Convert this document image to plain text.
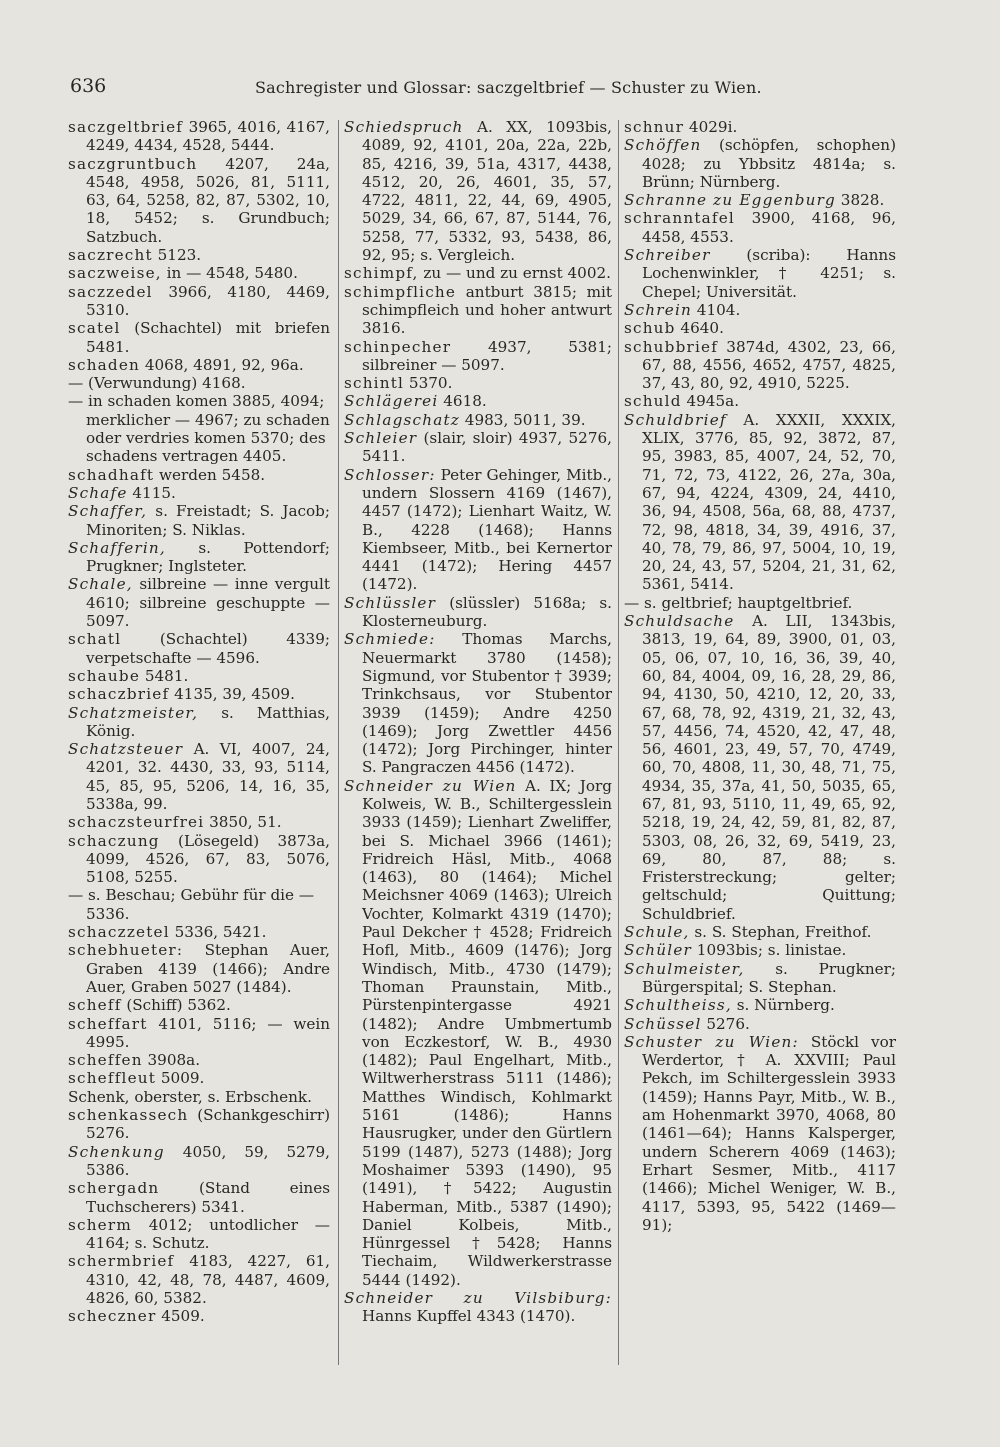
636	Sachregister und Glossar: saczgeltbrief — Schuster zu Wien.
saczgeltbrief 3965, 4016, 4167, 4249, 4434, 4528, 5444.
saczgruntbuch 4207, 24a, 4548, 4958, 5026, 81, 5111, 63, 64, 5258, 82, 87, 5302, 10, 18, 5452; s. Grundbuch; Satzbuch.
saczrecht 5123.
saczweise, in — 4548, 5480.
saczzedel 3966, 4180, 4469, 5310.
scatel (Schachtel) mit briefen 5481.
schaden 4068, 4891, 92, 96a.
— (Verwundung) 4168.
— in schaden komen 3885, 4094; merklicher — 4967; zu schaden oder verdries komen 5370; des schadens vertragen 4405.
schadhaft werden 5458.
Schafe 4115.
Schaffer, s. Freistadt; S. Jacob; Minoriten; S. Niklas.
Schafferin, s. Pottendorf; Prugkner; Inglsteter.
Schale, silbreine — inne vergult 4610; silbreine geschuppte — 5097.
schatl (Schachtel) 4339; verpetschafte — 4596.
schaube 5481.
schaczbrief 4135, 39, 4509.
Schatzmeister, s. Matthias, König.
Schatzsteuer A. VI, 4007, 24, 4201, 32. 4430, 33, 93, 5114, 45, 85, 95, 5206, 14, 16, 35, 5338a, 99.
schaczsteurfrei 3850, 51.
schaczung (Lösegeld) 3873a, 4099, 4526, 67, 83, 5076, 5108, 5255.
— s. Beschau; Gebühr für die — 5336.
schaczzetel 5336, 5421.
schebhueter: Stephan Auer, Graben 4139 (1466); Andre Auer, Graben 5027 (1484).
scheff (Schiff) 5362.
scheffart 4101, 5116; — wein 4995.
scheffen 3908a.
scheffleut 5009.
Schenk, oberster, s. Erbschenk.
schenkassech (Schankgeschirr) 5276.
Schenkung 4050, 59, 5279, 5386.
schergadn (Stand eines Tuchscherers) 5341.
scherm 4012; untodlicher — 4164; s. Schutz.
schermbrief 4183, 4227, 61, 4310, 42, 48, 78, 4487, 4609, 4826, 60, 5382.
scheczner 4509.
Schiedspruch A. XX, 1093bis, 4089, 92, 4101, 20a, 22a, 22b, 85, 4216, 39, 51a, 4317, 4438, 4512, 20, 26, 4601, 35, 57, 4722, 4811, 22, 44, 69, 4905, 5029, 34, 66, 67, 87, 5144, 76, 5258, 77, 5332, 93, 5438, 86, 92, 95; s. Vergleich.
schimpf, zu — und zu ernst 4002.
schimpfliche antburt 3815; mit schimpfleich und hoher antwurt 3816.
schinpecher 4937, 5381; silbreiner — 5097.
schintl 5370.
Schlägerei 4618.
Schlagschatz 4983, 5011, 39.
Schleier (slair, sloir) 4937, 5276, 5411.
Schlosser: Peter Gehinger, Mitb., undern Slossern 4169 (1467), 4457 (1472); Lienhart Waitz, W. B., 4228 (1468); Hanns Kiembseer, Mitb., bei Kernertor 4441 (1472); Hering 4457 (1472).
Schlüssler (slüssler) 5168a; s. Klosterneuburg.
Schmiede: Thomas Marchs, Neuermarkt 3780 (1458); Sigmund, vor Stubentor † 3939; Trinkchsaus, vor Stubentor 3939 (1459); Andre 4250 (1469); Jorg Zwettler 4456 (1472); Jorg Pirchinger, hinter S. Pangraczen 4456 (1472).
Schneider zu Wien A. IX; Jorg Kolweis, W. B., Schiltergesslein 3933 (1459); Lienhart Zweliffer, bei S. Michael 3966 (1461); Fridreich Häsl, Mitb., 4068 (1463), 80 (1464); Michel Meichsner 4069 (1463); Ulreich Vochter, Kolmarkt 4319 (1470); Paul Dekcher † 4528; Fridreich Hofl, Mitb., 4609 (1476); Jorg Windisch, Mitb., 4730 (1479); Thoman Praunstain, Mitb., Pürstenpintergasse 4921 (1482); Andre Umbmertumb von Eczkestorf, W. B., 4930 (1482); Paul Engelhart, Mitb., Wiltwerherstrass 5111 (1486); Matthes Windisch, Kohlmarkt 5161 (1486); Hanns Hausrugker, under den Gürtlern 5199 (1487), 5273 (1488); Jorg Moshaimer 5393 (1490), 95 (1491), †5422; Augustin Haberman, Mitb., 5387 (1490); Daniel Kolbeis, Mitb., Hünrgessel †5428; Hanns Tiechaim, Wildwerkerstrasse 5444 (1492).
Schneider zu Vilsbiburg: Hanns Kupffel 4343 (1470).
schnur 4029i.
Schöffen (schöpfen, schophen) 4028; zu Ybbsitz 4814a; s. Brünn; Nürnberg.
Schranne zu Eggenburg 3828.
schranntafel 3900, 4168, 96, 4458, 4553.
Schreiber (scriba): Hanns Lochenwinkler, † 4251; s. Chepel; Universität.
Schrein 4104.
schub 4640.
schubbrief 3874d, 4302, 23, 66, 67, 88, 4556, 4652, 4757, 4825, 37, 43, 80, 92, 4910, 5225.
schuld 4945a.
Schuldbrief A. XXXII, XXXIX, XLIX, 3776, 85, 92, 3872, 87, 95, 3983, 85, 4007, 24, 52, 70, 71, 72, 73, 4122, 26, 27a, 30a, 67, 94, 4224, 4309, 24, 4410, 36, 94, 4508, 56a, 68, 88, 4737, 72, 98, 4818, 34, 39, 4916, 37, 40, 78, 79, 86, 97, 5004, 10, 19, 20, 24, 43, 57, 5204, 21, 31, 62, 5361, 5414.
— s. geltbrief; hauptgeltbrief.
Schuldsache A. LII, 1343bis, 3813, 19, 64, 89, 3900, 01, 03, 05, 06, 07, 10, 16, 36, 39, 40, 60, 84, 4004, 09, 16, 28, 29, 86, 94, 4130, 50, 4210, 12, 20, 33, 67, 68, 78, 92, 4319, 21, 32, 43, 57, 4456, 74, 4520, 42, 47, 48, 56, 4601, 23, 49, 57, 70, 4749, 60, 70, 4808, 11, 30, 48, 71, 75, 4934, 35, 37a, 41, 50, 5035, 65, 67, 81, 93, 5110, 11, 49, 65, 92, 5218, 19, 24, 42, 59, 81, 82, 87, 5303, 08, 26, 32, 69, 5419, 23, 69, 80, 87, 88; s. Fristerstreckung; gelter; geltschuld; Quittung; Schuldbrief.
Schule, s. S. Stephan, Freithof.
Schüler 1093bis; s. linistae.
Schulmeister, s. Prugkner; Bürgerspital; S. Stephan.
Schultheiss, s. Nürnberg.
Schüssel 5276.
Schuster zu Wien: Stöckl vor Werdertor, † A. XXVIII; Paul Pekch, im Schiltergesslein 3933 (1459); Hanns Payr, Mitb., W. B., am Hohenmarkt 3970, 4068, 80 (1461—64); Hanns Kalsperger, undern Scherern 4069 (1463); Erhart Sesmer, Mitb., 4117 (1466); Michel Weniger, W. B., 4117, 5393, 95, 5422 (1469—91);
